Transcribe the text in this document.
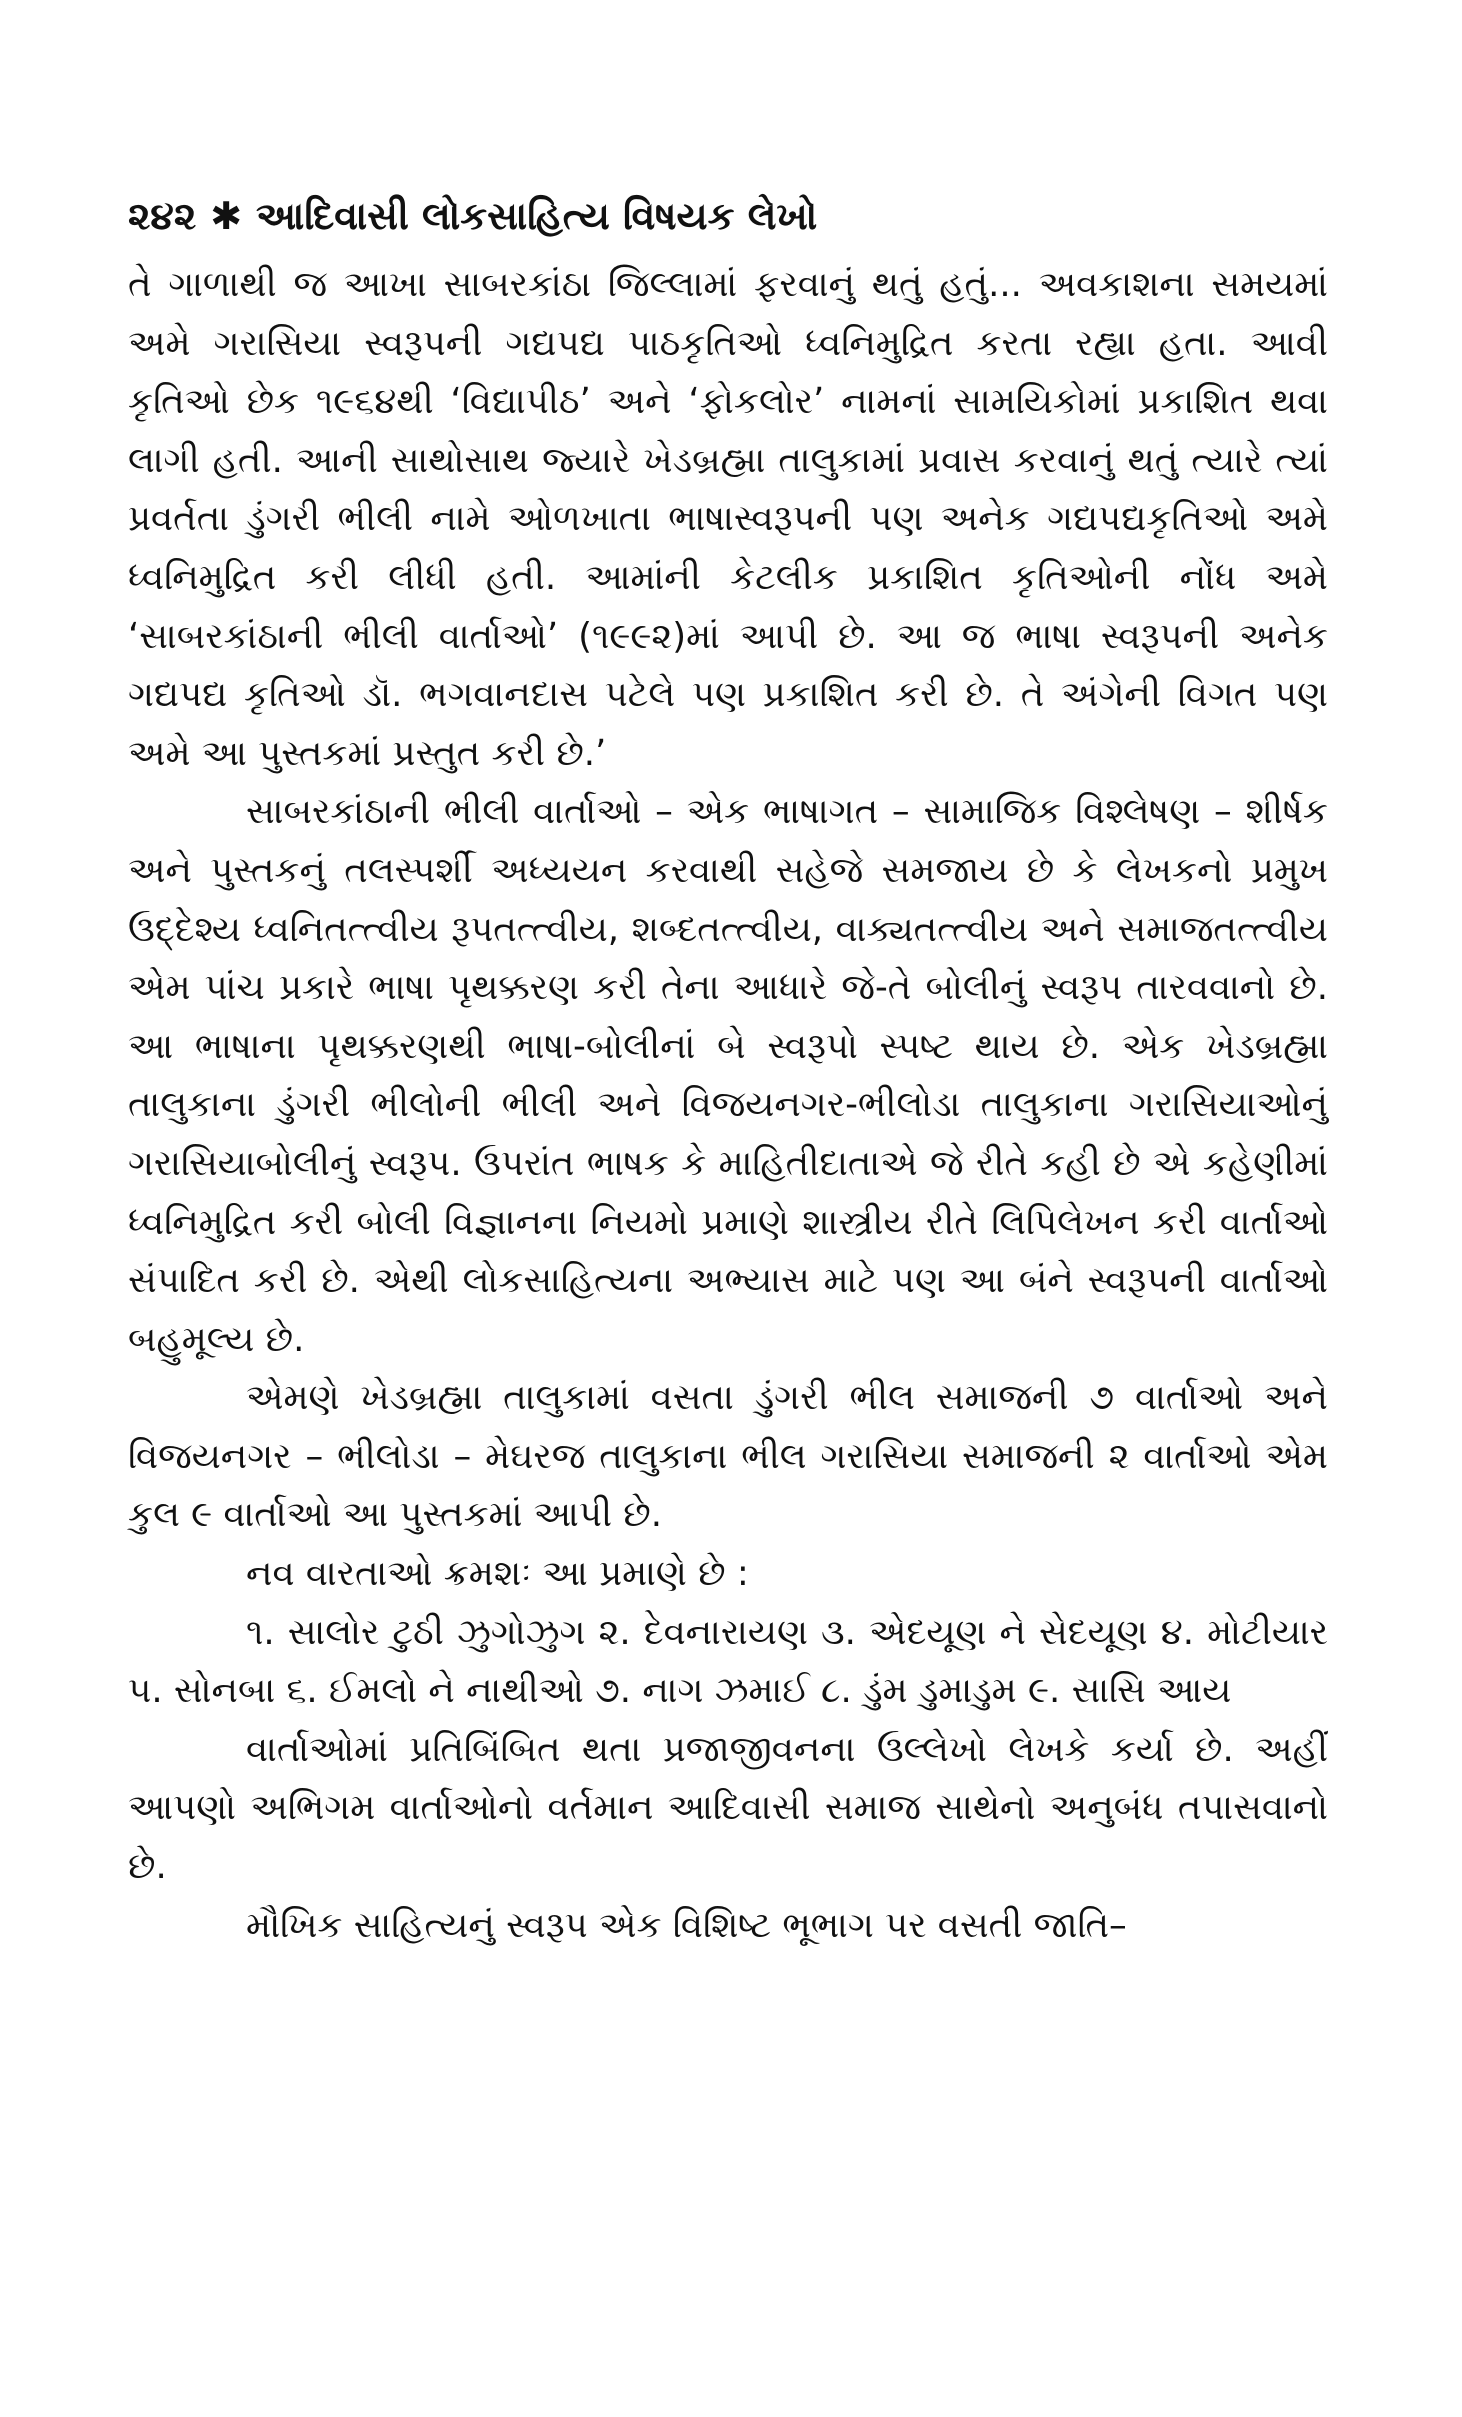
૨૪૨ ✱ આદિવાસી લોકસાહિત્ય વિષયક લેખો

તે ગાળાથી જ આખા સાબરકાંઠા જિલ્લામાં ફરવાનું થતું હતું... અવકાશના સમયમાં અમે ગરાસિયા સ્વરૂપની ગદ્યપદ્ય પાઠકૃતિઓ ધ્વનિમુદ્રિત કરતા રહ્યા હતા. આવી કૃતિઓ છેક ૧૯૬૪થી ‘વિદ્યાપીઠ’ અને ‘ફોકલોર’ નામનાં સામયિકોમાં પ્રકાશિત થવા લાગી હતી. આની સાથોસાથ જ્યારે ખેડબ્રહ્મા તાલુકામાં પ્રવાસ કરવાનું થતું ત્યારે ત્યાં પ્રવર્તતા ડુંગરી ભીલી નામે ઓળખાતા ભાષાસ્વરૂપની પણ અનેક ગદ્યપદ્યકૃતિઓ અમે ધ્વનિમુદ્રિત કરી લીધી હતી. આમાંની કેટલીક પ્રકાશિત કૃતિઓની નોંધ અમે ‘સાબરકાંઠાની ભીલી વાર્તાઓ’ (૧૯૯૨)માં આપી છે. આ જ ભાષા સ્વરૂપની અનેક ગદ્યપદ્ય કૃતિઓ ડૉ. ભગવાનદાસ પટેલે પણ પ્રકાશિત કરી છે. તે અંગેની વિગત પણ અમે આ પુસ્તકમાં પ્રસ્તુત કરી છે.’

સાબરકાંઠાની ભીલી વાર્તાઓ – એક ભાષાગત – સામાજિક વિશ્લેષણ – શીર્ષક અને પુસ્તકનું તલસ્પર્શી અધ્યયન કરવાથી સહેજે સમજાય છે કે લેખકનો પ્રમુખ ઉદ્દેશ્ય ધ્વનિતત્ત્વીય રૂપતત્ત્વીય, શબ્દતત્ત્વીય, વાક્યતત્ત્વીય અને સમાજતત્ત્વીય એમ પાંચ પ્રકારે ભાષા પૃથક્કરણ કરી તેના આધારે જે-તે બોલીનું સ્વરૂપ તારવવાનો છે. આ ભાષાના પૃથક્કરણથી ભાષા-બોલીનાં બે સ્વરૂપો સ્પષ્ટ થાય છે. એક ખેડબ્રહ્મા તાલુકાના ડુંગરી ભીલોની ભીલી અને વિજયનગર-ભીલોડા તાલુકાના ગરાસિયાઓનું ગરાસિયાબોલીનું સ્વરૂપ. ઉપરાંત ભાષક કે માહિતીદાતાએ જે રીતે કહી છે એ કહેણીમાં ધ્વનિમુદ્રિત કરી બોલી વિજ્ઞાનના નિયમો પ્રમાણે શાસ્ત્રીય રીતે લિપિલેખન કરી વાર્તાઓ સંપાદિત કરી છે. એથી લોકસાહિત્યના અભ્યાસ માટે પણ આ બંને સ્વરૂપની વાર્તાઓ બહુમૂલ્ય છે.

એમણે ખેડબ્રહ્મા તાલુકામાં વસતા ડુંગરી ભીલ સમાજની ૭ વાર્તાઓ અને વિજયનગર – ભીલોડા – મેઘરજ તાલુકાના ભીલ ગરાસિયા સમાજની ૨ વાર્તાઓ એમ કુલ ૯ વાર્તાઓ આ પુસ્તકમાં આપી છે.

નવ વારતાઓ ક્રમશઃ આ પ્રમાણે છે :

૧. સાલોર ટુઠી ઝુગોઝુગ ૨. દેવનારાયણ ૩. એદયૂણ ને સેદયૂણ ૪. મોટીયાર ૫. સોનબા ૬. ઈમલો ને નાથીઓ ૭. નાગ ઝમાઈ ૮. ડુંમ ડુમાડુમ ૯. સાસિ આય

વાર્તાઓમાં પ્રતિબિંબિત થતા પ્રજાજીવનના ઉલ્લેખો લેખકે કર્યા છે. અહીં આપણો અભિગમ વાર્તાઓનો વર્તમાન આદિવાસી સમાજ સાથેનો અનુબંધ તપાસવાનો છે.

મૌખિક સાહિત્યનું સ્વરૂપ એક વિશિષ્ટ ભૂભાગ પર વસતી જાતિ–
